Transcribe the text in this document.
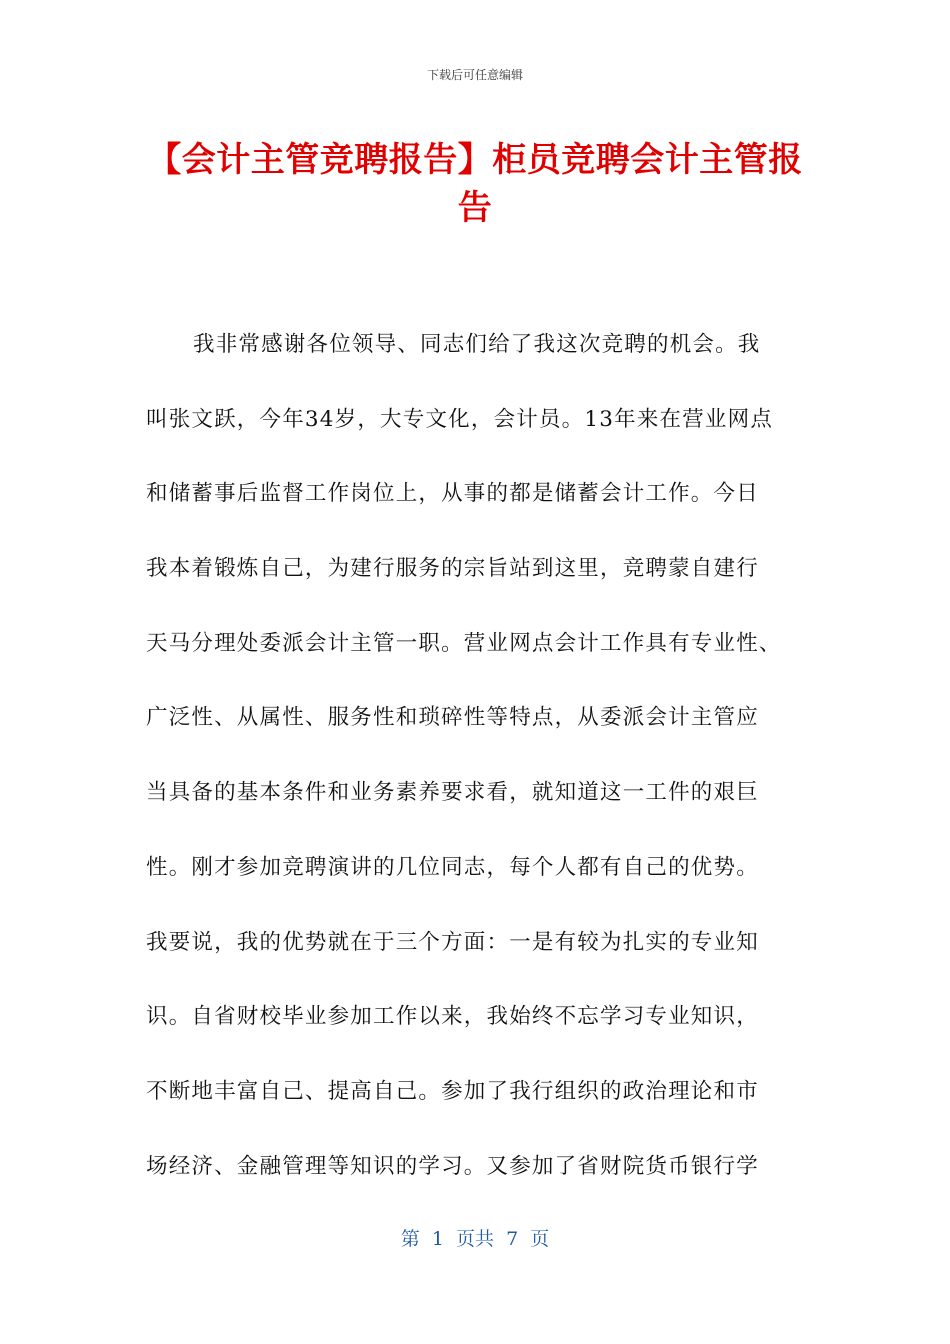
下载后可任意编辑
【会计主管竞聘报告】柜员竞聘会计主管报
告
我非常感谢各位领导、同志们给了我这次竞聘的机会。我
叫张文跃，今年34岁，大专文化，会计员。13年来在营业网点
和储蓄事后监督工作岗位上，从事的都是储蓄会计工作。今日
我本着锻炼自己，为建行服务的宗旨站到这里，竞聘蒙自建行
天马分理处委派会计主管一职。营业网点会计工作具有专业性、
广泛性、从属性、服务性和琐碎性等特点，从委派会计主管应
当具备的基本条件和业务素养要求看，就知道这一工件的艰巨
性。刚才参加竞聘演讲的几位同志，每个人都有自己的优势。
我要说，我的优势就在于三个方面：一是有较为扎实的专业知
识。自省财校毕业参加工作以来，我始终不忘学习专业知识，
不断地丰富自己、提高自己。参加了我行组织的政治理论和市
场经济、金融管理等知识的学习。又参加了省财院货币银行学
第  1  页共  7  页
